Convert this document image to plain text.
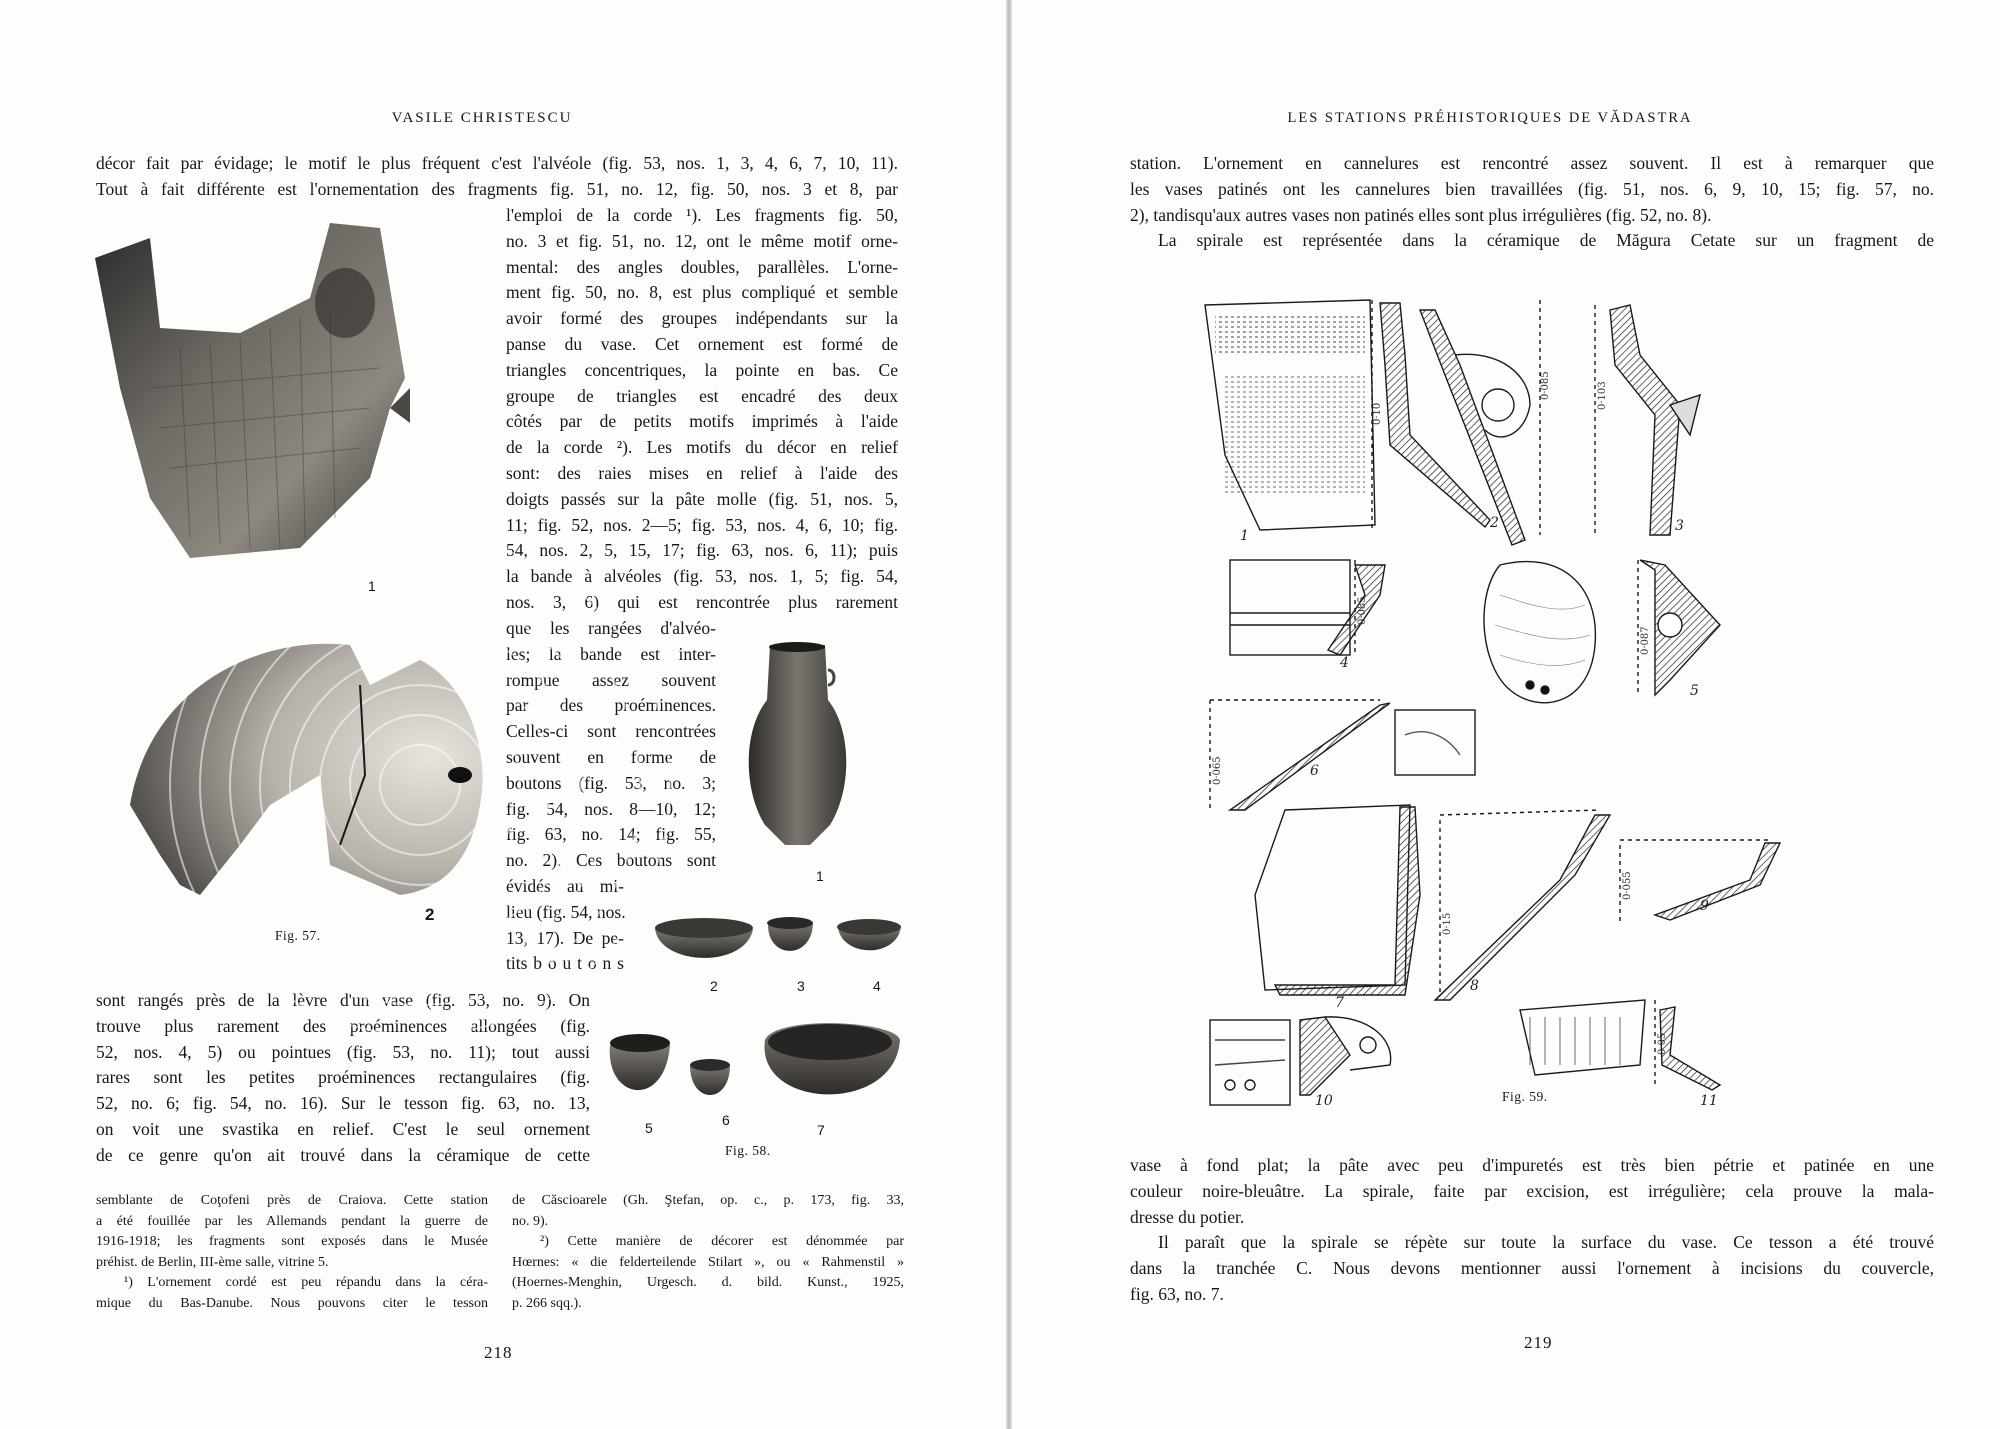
VASILE CHRISTESCU
décor fait par évidage; le motif le plus fréquent c'est l'alvéole (fig. 53, nos. 1, 3, 4, 6, 7, 10, 11).
Tout à fait différente est l'ornementation des fragments fig. 51, no. 12, fig. 50, nos. 3 et 8, par
l'emploi de la corde ¹). Les fragments fig. 50,
no. 3 et fig. 51, no. 12, ont le même motif orne-
mental: des angles doubles, parallèles. L'orne-
ment fig. 50, no. 8, est plus compliqué et semble
avoir formé des groupes indépendants sur la
panse du vase. Cet ornement est formé de
triangles concentriques, la pointe en bas. Ce
groupe de triangles est encadré des deux
côtés par de petits motifs imprimés à l'aide
de la corde ²). Les motifs du décor en relief
sont: des raies mises en relief à l'aide des
doigts passés sur la pâte molle (fig. 51, nos. 5,
11; fig. 52, nos. 2—5; fig. 53, nos. 4, 6, 10; fig.
54, nos. 2, 5, 15, 17; fig. 63, nos. 6, 11); puis
la bande à alvéoles (fig. 53, nos. 1, 5; fig. 54,
nos. 3, 6) qui est rencontrée plus rarement
que les rangées d'alvéo-
les; la bande est inter-
rompue assez souvent
par des proéminences.
Celles-ci sont rencontrées
souvent en forme de
boutons (fig. 53, no. 3;
fig. 54, nos. 8—10, 12;
fig. 63, no. 14; fig. 55,
no. 2). Ces boutons sont
évidés au mi-
lieu (fig. 54, nos.
13, 17). De pe-
tits b o u t o n s
sont rangés près de la lèvre d'un vase (fig. 53, no. 9). On
trouve plus rarement des proéminences allongées (fig.
52, nos. 4, 5) ou pointues (fig. 53, no. 11); tout aussi
rares sont les petites proéminences rectangulaires (fig.
52, no. 6; fig. 54, no. 16). Sur le tesson fig. 63, no. 13,
on voit une svastika en relief. C'est le seul ornement
de ce genre qu'on ait trouvé dans la céramique de cette
1
2
Fig. 57.
1
2	3	4
5	6
7
Fig. 58.
semblante de Coţofeni près de Craiova. Cette station
a été fouillée par les Allemands pendant la guerre de
1916-1918; les fragments sont exposés dans le Musée
préhist. de Berlin, III-ème salle, vitrine 5.
¹) L'ornement cordé est peu répandu dans la céra-
mique du Bas-Danube. Nous pouvons citer le tesson
de Căscioarele (Gh. Ştefan, op. c., p. 173, fig. 33,
no. 9).
²) Cette manière de décorer est dénommée par
Hœrnes: « die felderteilende Stilart », ou « Rahmenstil »
(Hoernes-Menghin, Urgesch. d. bild. Kunst., 1925,
p. 266 sqq.).
218
LES STATIONS PRÉHISTORIQUES DE VĂDASTRA
station. L'ornement en cannelures est rencontré assez souvent. Il est à remarquer que
les vases patinés ont les cannelures bien travaillées (fig. 51, nos. 6, 9, 10, 15; fig. 57, no.
2), tandisqu'aux autres vases non patinés elles sont plus irrégulières (fig. 52, no. 8).
La spirale est représentée dans la céramique de Măgura Cetate sur un fragment de
1
2	3
4
5
6
7
8
9
10	11
0·10
0·085	0·103
0·085
0·087
0·065
0·15
0·055
0·05
Fig. 59.
vase à fond plat; la pâte avec peu d'impuretés est très bien pétrie et patinée en une
couleur noire-bleuâtre. La spirale, faite par excision, est irrégulière; cela prouve la mala-
dresse du potier.
Il paraît que la spirale se répète sur toute la surface du vase. Ce tesson a été trouvé
dans la tranchée C. Nous devons mentionner aussi l'ornement à incisions du couvercle,
fig. 63, no. 7.
219
